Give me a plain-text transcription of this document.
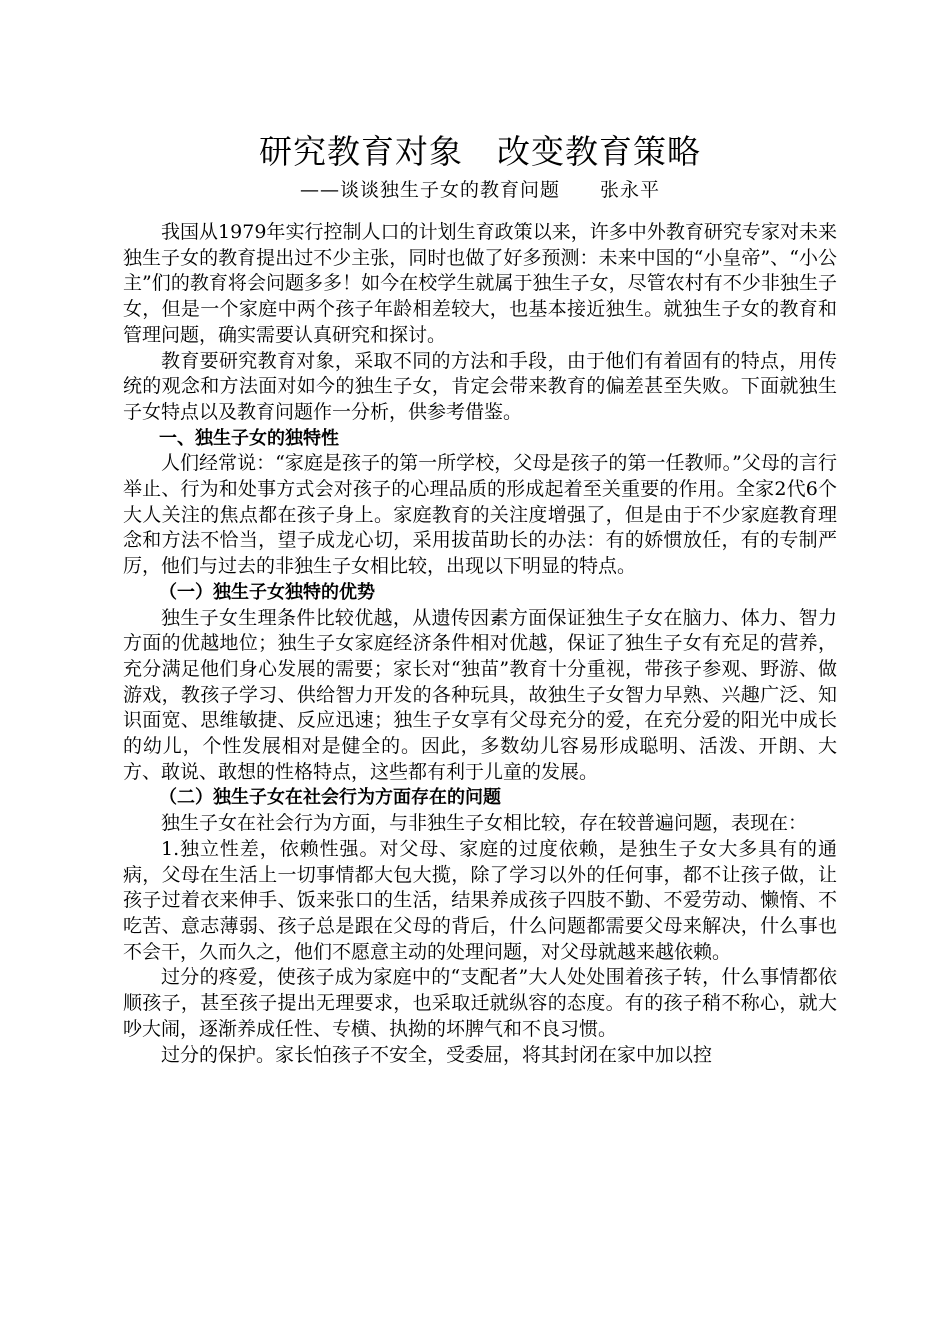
研究教育对象　改变教育策略
——谈谈独生子女的教育问题　　张永平

我国从1979年实行控制人口的计划生育政策以来，许多中外教育研究专家对未来独生子女的教育提出过不少主张，同时也做了好多预测：未来中国的“小皇帝”、“小公主”们的教育将会问题多多！如今在校学生就属于独生子女，尽管农村有不少非独生子女，但是一个家庭中两个孩子年龄相差较大，也基本接近独生。就独生子女的教育和管理问题，确实需要认真研究和探讨。

教育要研究教育对象，采取不同的方法和手段，由于他们有着固有的特点，用传统的观念和方法面对如今的独生子女，肯定会带来教育的偏差甚至失败。下面就独生子女特点以及教育问题作一分析，供参考借鉴。

一、独生子女的独特性

人们经常说：“家庭是孩子的第一所学校，父母是孩子的第一任教师。”父母的言行举止、行为和处事方式会对孩子的心理品质的形成起着至关重要的作用。全家2代6个大人关注的焦点都在孩子身上。家庭教育的关注度增强了，但是由于不少家庭教育理念和方法不恰当，望子成龙心切，采用拔苗助长的办法：有的娇惯放任，有的专制严厉，他们与过去的非独生子女相比较，出现以下明显的特点。

（一）独生子女独特的优势

独生子女生理条件比较优越，从遗传因素方面保证独生子女在脑力、体力、智力方面的优越地位；独生子女家庭经济条件相对优越，保证了独生子女有充足的营养，充分满足他们身心发展的需要；家长对“独苗”教育十分重视，带孩子参观、野游、做游戏，教孩子学习、供给智力开发的各种玩具，故独生子女智力早熟、兴趣广泛、知识面宽、思维敏捷、反应迅速；独生子女享有父母充分的爱，在充分爱的阳光中成长的幼儿，个性发展相对是健全的。因此，多数幼儿容易形成聪明、活泼、开朗、大方、敢说、敢想的性格特点，这些都有利于儿童的发展。

（二）独生子女在社会行为方面存在的问题

独生子女在社会行为方面，与非独生子女相比较，存在较普遍问题，表现在：

1.独立性差，依赖性强。对父母、家庭的过度依赖，是独生子女大多具有的通病，父母在生活上一切事情都大包大揽，除了学习以外的任何事，都不让孩子做，让孩子过着衣来伸手、饭来张口的生活，结果养成孩子四肢不勤、不爱劳动、懒惰、不吃苦、意志薄弱、孩子总是跟在父母的背后，什么问题都需要父母来解决，什么事也不会干，久而久之，他们不愿意主动的处理问题，对父母就越来越依赖。

过分的疼爱，使孩子成为家庭中的“支配者”大人处处围着孩子转，什么事情都依顺孩子，甚至孩子提出无理要求，也采取迁就纵容的态度。有的孩子稍不称心，就大吵大闹，逐渐养成任性、专横、执拗的坏脾气和不良习惯。

过分的保护。家长怕孩子不安全，受委屈，将其封闭在家中加以控
